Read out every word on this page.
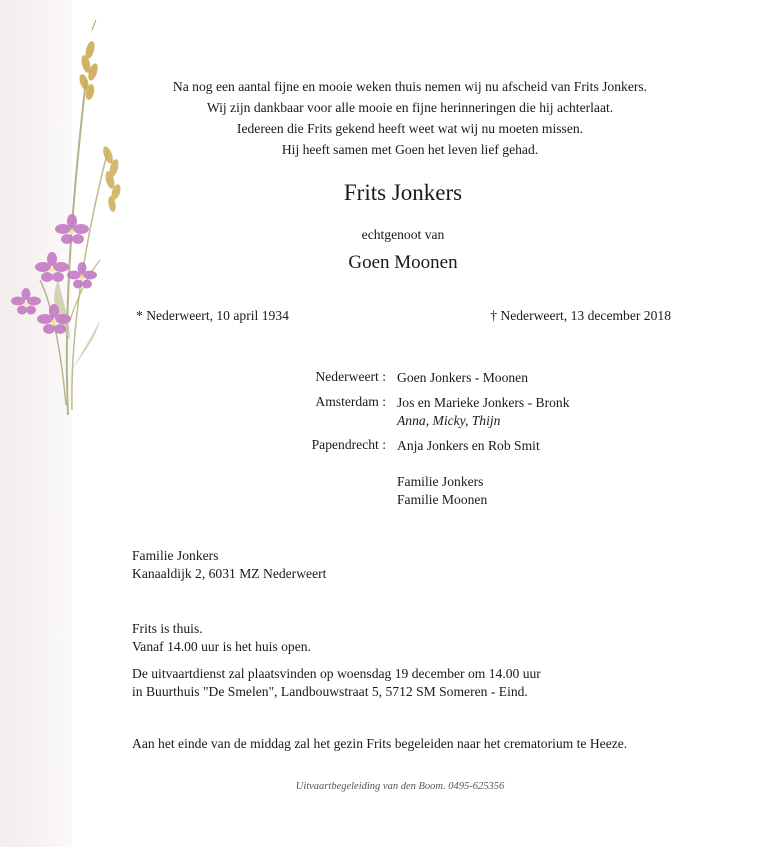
Na nog een aantal fijne en mooie weken thuis nemen wij nu afscheid van Frits Jonkers.
Wij zijn dankbaar voor alle mooie en fijne herinneringen die hij achterlaat.
Iedereen die Frits gekend heeft weet wat wij nu moeten missen.
Hij heeft samen met Goen het leven lief gehad.
Frits Jonkers
echtgenoot van
Goen Moonen
* Nederweert, 10 april 1934	† Nederweert, 13 december 2018
Nederweert : Goen Jonkers - Moonen
Amsterdam : Jos en Marieke Jonkers - Bronk
Anna, Micky, Thijn
Papendrecht : Anja Jonkers en Rob Smit
Familie Jonkers
Familie Moonen
Familie Jonkers
Kanaaldijk 2, 6031 MZ Nederweert
Frits is thuis.
Vanaf 14.00 uur is het huis open.
De uitvaartdienst zal plaatsvinden op woensdag 19 december om 14.00 uur
in Buurthuis "De Smelen", Landbouwstraat 5, 5712 SM Someren - Eind.
Aan het einde van de middag zal het gezin Frits begeleiden naar het crematorium te Heeze.
Uitvaartbegeleiding van den Boom. 0495-625356
